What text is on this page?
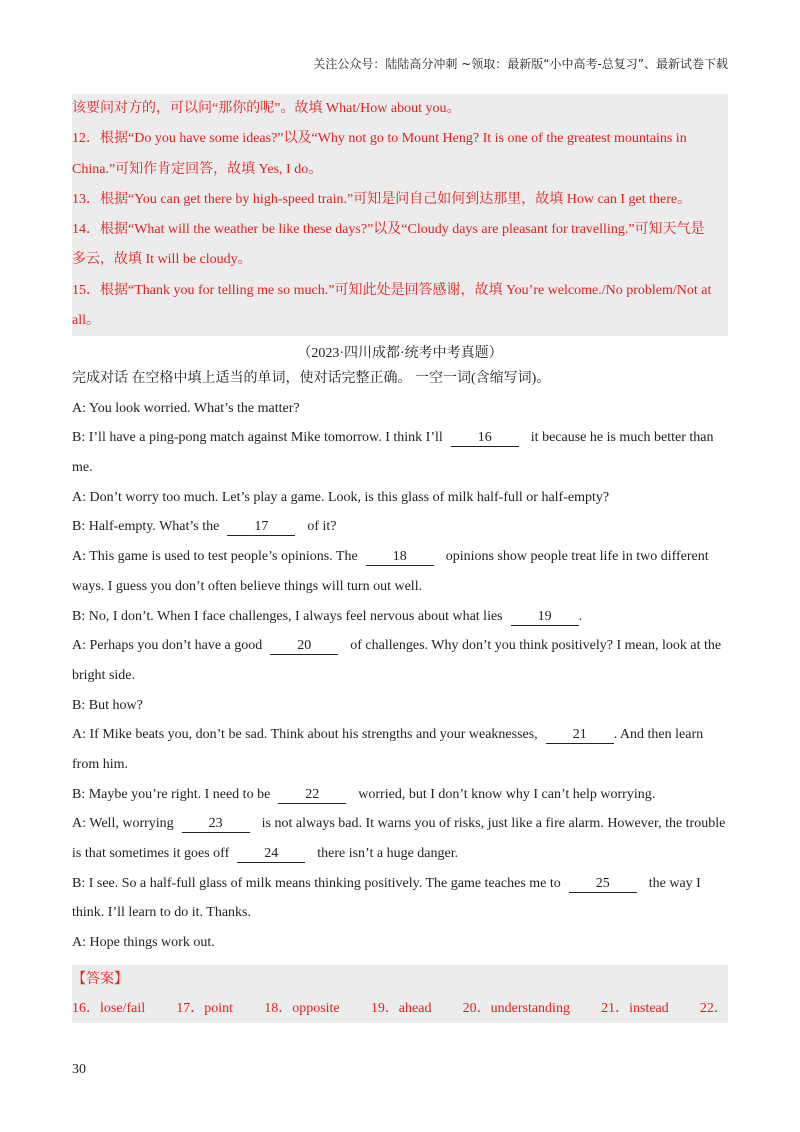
关注公众号：陆陆高分冲刺 ~领取：最新版“小中高考-总复习”、最新试卷下载
该要问对方的，可以问“那你的呢”。故填 What/How about you。
12．根据“Do you have some ideas?”以及“Why not go to Mount Heng? It is one of the greatest mountains in
China.”可知作肯定回答，故填 Yes, I do。
13．根据“You can get there by high-speed train.”可知是问自己如何到达那里，故填 How can I get there。
14．根据“What will the weather be like these days?”以及“Cloudy days are pleasant for travelling.”可知天气是
多云，故填 It will be cloudy。
15．根据“Thank you for telling me so much.”可知此处是回答感谢，故填 You’re welcome./No problem/Not at
all。
（2023·四川成都·统考中考真题）
完成对话 在空格中填上适当的单词，使对话完整正确。 一空一词(含缩写词)。
A: You look worried. What’s the matter?
B: I’ll have a ping-pong match against Mike tomorrow. I think I’ll	16	it because he is much better than
me.
A: Don’t worry too much. Let’s play a game. Look, is this glass of milk half-full or half-empty?
B: Half-empty. What’s the	17	of it?
A: This game is used to test people’s opinions. The	18	opinions show people treat life in two different
ways. I guess you don’t often believe things will turn out well.
B: No, I don’t. When I face challenges, I always feel nervous about what lies	19 .
A: Perhaps you don’t have a good	20	of challenges. Why don’t you think positively? I mean, look at the
bright side.
B: But how?
A: If Mike beats you, don’t be sad. Think about his strengths and your weaknesses,	21 . And then learn
from him.
B: Maybe you’re right. I need to be	22	worried, but I don’t know why I can’t help worrying.
A: Well, worrying	23	is not always bad. It warns you of risks, just like a fire alarm. However, the trouble
is that sometimes it goes off	24	there isn’t a huge danger.
B: I see. So a half-full glass of milk means thinking positively. The game teaches me to	25	the way I
think. I’ll learn to do it. Thanks.
A: Hope things work out.
【答案】
16．lose/fail 17．point 18．opposite 19．ahead 20．understanding 21．instead 22．
30
